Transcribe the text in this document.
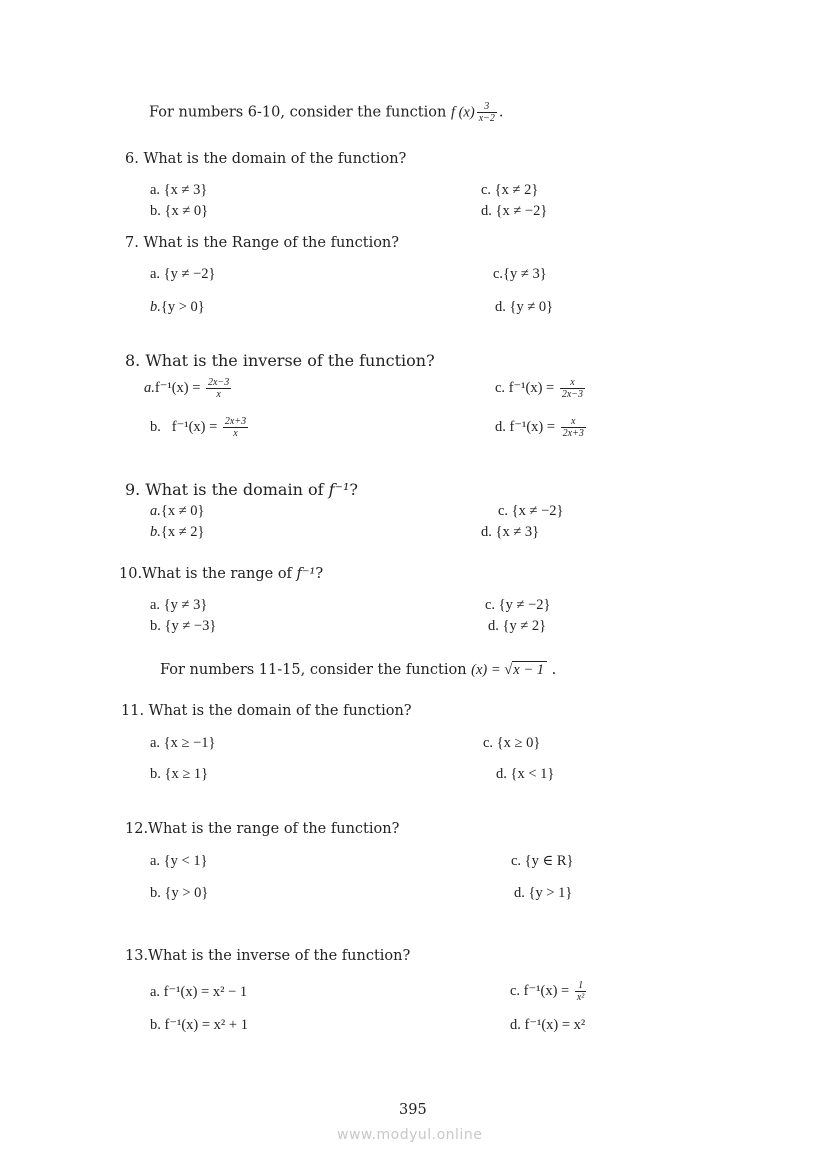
For numbers 6-10, consider the function f $(x) \frac{3}{x-2}$ .
6. What is the domain of the function?
a. {x ≠ 3}
b. {x ≠ 0}
c. {x ≠ 2}
d. {x ≠ −2}
7. What is the Range of the function?
a. {y ≠ −2}
b.{y > 0}
c.{y ≠ 3}
d. {y ≠ 0}
8. What is the inverse of the function?
$a.f^{-1}(x) = \frac{2x-3}{x}$
b. $f^{-1}(x) = \frac{2x+3}{x}$
c. $f^{-1}(x) = \frac{x}{2x-3}$
d. $f^{-1}(x) = \frac{x}{2x+3}$
9. What is the domain of f⁻¹?
a.{x ≠ 0}
b.{x ≠ 2}
c. {x ≠ −2}
d. {x ≠ 3}
10.What is the range of f⁻¹?
a. {y ≠ 3}
b. {y ≠ −3}
c. {y ≠ −2}
d. {y ≠ 2}
For numbers 11-15, consider the function (x) = √x − 1 .
11. What is the domain of the function?
a. {x ≥ −1}
b. {x ≥ 1}
c. {x ≥ 0}
d. {x < 1}
12.What is the range of the function?
a. {y < 1}
b. {y > 0}
c. {y ∈ R}
d. {y > 1}
13.What is the inverse of the function?
a. f⁻¹(x) = x² − 1
b. f⁻¹(x) = x² + 1
c. $f^{-1}(x) = \frac{1}{\text{x²}}$
d. f⁻¹(x) = x²
395
www.modyul.online
